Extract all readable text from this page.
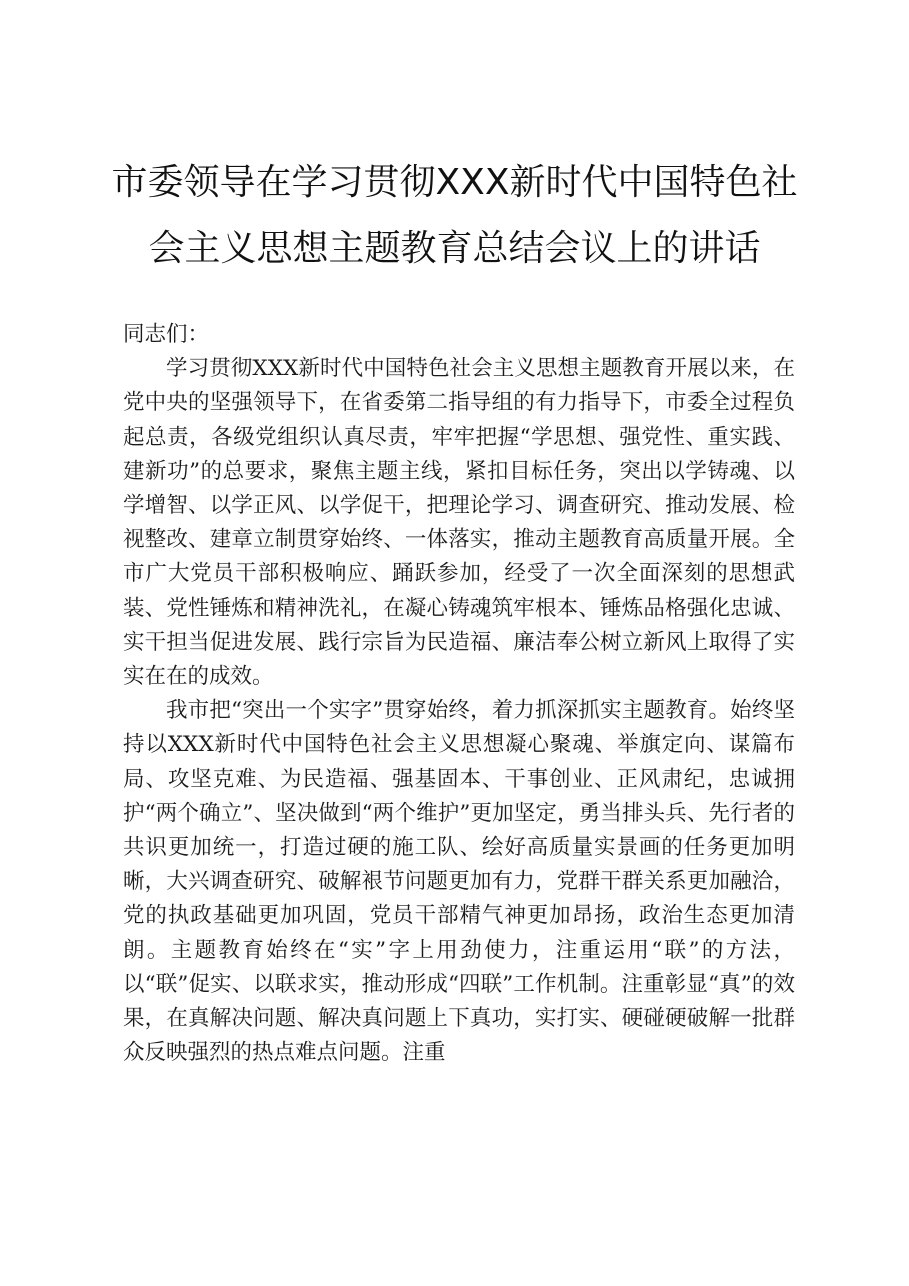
市委领导在学习贯彻XXX新时代中国特色社
会主义思想主题教育总结会议上的讲话

同志们：

学习贯彻XXX新时代中国特色社会主义思想主题教育开展以来，在党中央的坚强领导下，在省委第二指导组的有力指导下，市委全过程负起总责，各级党组织认真尽责，牢牢把握“学思想、强党性、重实践、建新功”的总要求，聚焦主题主线，紧扣目标任务，突出以学铸魂、以学增智、以学正风、以学促干，把理论学习、调查研究、推动发展、检视整改、建章立制贯穿始终、一体落实，推动主题教育高质量开展。全市广大党员干部积极响应、踊跃参加，经受了一次全面深刻的思想武装、党性锤炼和精神洗礼，在凝心铸魂筑牢根本、锤炼品格强化忠诚、实干担当促进发展、践行宗旨为民造福、廉洁奉公树立新风上取得了实实在在的成效。

我市把“突出一个实字”贯穿始终，着力抓深抓实主题教育。始终坚持以XXX新时代中国特色社会主义思想凝心聚魂、举旗定向、谋篇布局、攻坚克难、为民造福、强基固本、干事创业、正风肃纪，忠诚拥护“两个确立”、坚决做到“两个维护”更加坚定，勇当排头兵、先行者的共识更加统一，打造过硬的施工队、绘好高质量实景画的任务更加明晰，大兴调查研究、破解裉节问题更加有力，党群干群关系更加融洽，党的执政基础更加巩固，党员干部精气神更加昂扬，政治生态更加清朗。主题教育始终在“实”字上用劲使力，注重运用“联”的方法，以“联”促实、以联求实，推动形成“四联”工作机制。注重彰显“真”的效果，在真解决问题、解决真问题上下真功，实打实、硬碰硬破解一批群众反映强烈的热点难点问题。注重
